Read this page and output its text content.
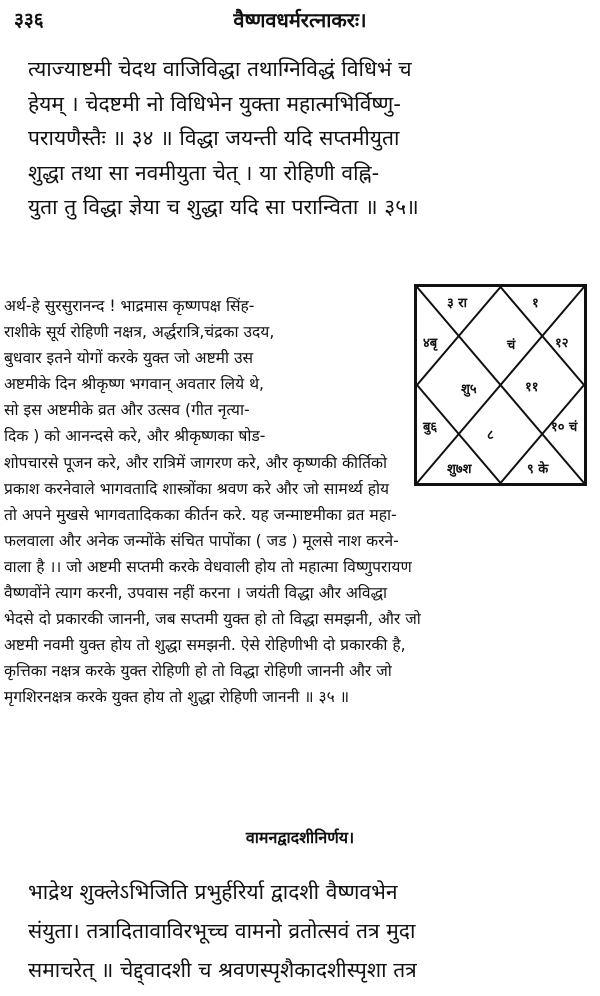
३३६	वैष्णवधर्मरत्नाकरः।

त्याज्याष्टमी चेदथ वाजिविद्धा तथाग्निविद्धं विधिभं च

हेयम् । चेदष्टमी नो विधिभेन युक्ता महात्मभिर्विष्णु-

परायणैस्तैः ॥ ३४ ॥ विद्धा जयन्ती यदि सप्तमीयुता

शुद्धा तथा सा नवमीयुता चेत् । या रोहिणी वह्नि-

युता तु विद्धा ज्ञेया च शुद्धा यदि सा परान्विता ॥ ३५॥

अर्थ-हे सुरसुरानन्द ! भाद्रमास कृष्णपक्ष सिंह-

राशीके सूर्य रोहिणी नक्षत्र, अर्द्धरात्रि,चंद्रका उदय,

बुधवार इतने योगों करके युक्त जो अष्टमी उस

अष्टमीके दिन श्रीकृष्ण भगवान् अवतार लिये थे,

सो इस अष्टमीके व्रत और उत्सव (गीत नृत्या-

दिक ) को आनन्दसे करे, और श्रीकृष्णका षोड-

शोपचारसे पूजन करे, और रात्रिमें जागरण करे, और कृष्णकी कीर्तिको

प्रकाश करनेवाले भागवतादि शास्त्रोंका श्रवण करे और जो सामर्थ्य होय

तो अपने मुखसे भागवतादिकका कीर्तन करे. यह जन्माष्टमीका व्रत महा-

फलवाला और अनेक जन्मोंके संचित पापोंका ( जड ) मूलसे नाश करने-

वाला है ।। जो अष्टमी सप्तमी करके वेधवाली होय तो महात्मा विष्णुपरायण

वैष्णवोंने त्याग करनी, उपवास नहीं करना । जयंती विद्धा और अविद्धा

भेदसे दो प्रकारकी जाननी, जब सप्तमी युक्त हो तो विद्धा समझनी, और जो

अष्टमी नवमी युक्त होय तो शुद्धा समझनी. ऐसे रोहिणीभी दो प्रकारकी है,

कृत्तिका नक्षत्र करके युक्त रोहिणी हो तो विद्धा रोहिणी जाननी और जो

मृगशिरनक्षत्र करके युक्त होय तो शुद्धा रोहिणी जाननी ॥ ३५ ॥

३ रा	१
४बृ	चं	१२
शु५	११
बु६
८
१० चं
शु७श	९ के
वामनद्वादशीनिर्णय।

भाद्रेथ शुक्लेऽभिजिति प्रभुर्हरिर्या द्वादशी वैष्णवभेन

संयुता। तत्रादितावाविरभूच्च वामनो व्रतोत्सवं तत्र मुदा

समाचरेत् ॥ चेद्द्वादशी च श्रवणस्पृशैकादशीस्पृशा तत्र
